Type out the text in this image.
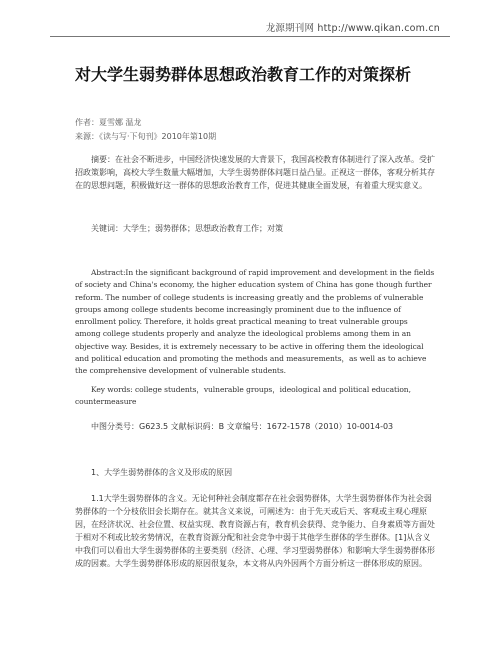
龙源期刊网 http://www.qikan.com.cn
对大学生弱势群体思想政治教育工作的对策探析
作者：夏雪娜 温龙
来源：《读与写·下旬刊》2010年第10期
摘要：在社会不断进步，中国经济快速发展的大背景下，我国高校教育体制进行了深入改革。受扩招政策影响，高校大学生数量大幅增加，大学生弱势群体问题日益凸显。正视这一群体，客观分析其存在的思想问题，积极做好这一群体的思想政治教育工作，促进其健康全面发展，有着重大现实意义。
关键词：大学生；弱势群体；思想政治教育工作；对策
Abstract:In the significant background of rapid improvement and development in the fields of society and China's economy, the higher education system of China has gone though further reform. The number of college students is increasing greatly and the problems of vulnerable groups among college students become increasingly prominent due to the influence of enrollment policy. Therefore, it holds great practical meaning to treat vulnerable groups among college students properly and analyze the ideological problems among them in an objective way. Besides, it is extremely necessary to be active in offering them the ideological and political education and promoting the methods and measurements，as well as to achieve the comprehensive development of vulnerable students.
Key words: college students，vulnerable groups，ideological and political education, countermeasure
中图分类号：G623.5 文献标识码：B 文章编号：1672-1578（2010）10-0014-03
1、大学生弱势群体的含义及形成的原因
1.1大学生弱势群体的含义。无论何种社会制度都存在社会弱势群体，大学生弱势群体作为社会弱势群体的一个分枝依旧会长期存在。就其含义来说，可阐述为：由于先天或后天、客观或主观心理原因，在经济状况、社会位置、权益实现、教育资源占有，教育机会获得、竞争能力、自身素质等方面处于相对不利或比较劣势情况，在教育资源分配和社会竞争中弱于其他学生群体的学生群体。[1]从含义中我们可以看出大学生弱势群体的主要类别（经济、心理、学习型弱势群体）和影响大学生弱势群体形成的因素。大学生弱势群体形成的原因很复杂，本文将从内外因两个方面分析这一群体形成的原因。
